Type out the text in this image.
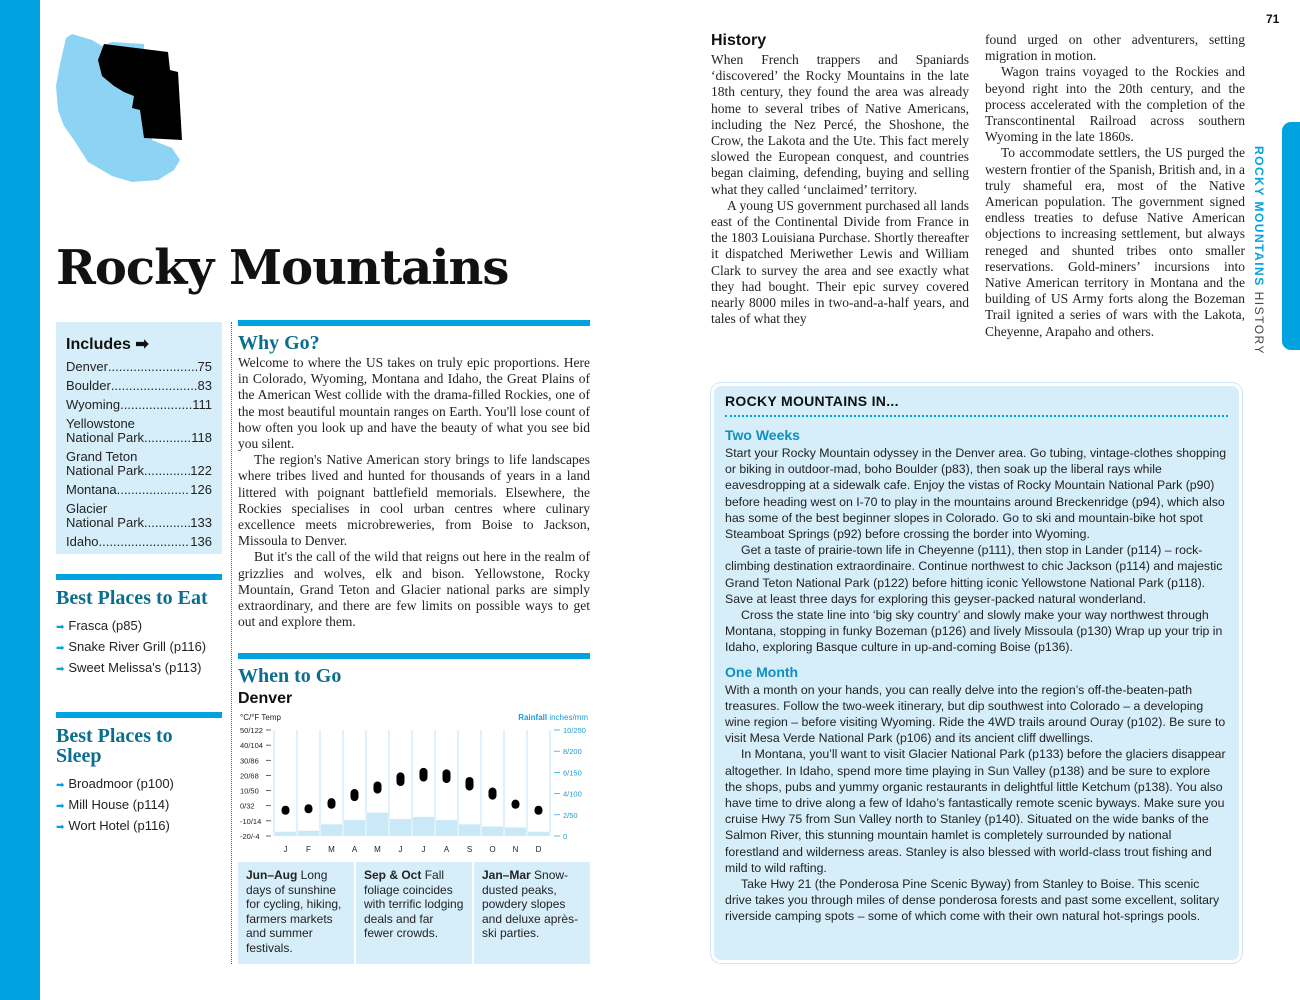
Rocky Mountains
Includes ➡
Denver .....	75
Boulder .....	83
Wyoming .....	111
Yellowstone
National Park .....	118
Grand Teton
National Park .....	122
Montana. .....	126
Glacier
National Park .....	133
Idaho .....	136
Best Places to Eat
➡ Frasca (p85)
➡ Snake River Grill (p116)
➡ Sweet Melissa's (p113)
Best Places to Sleep
➡ Broadmoor (p100)
➡ Mill House (p114)
➡ Wort Hotel (p116)
Why Go?

Welcome to where the US takes on truly epic proportions. Here in Colorado, Wyoming, Montana and Idaho, the Great Plains of the American West collide with the drama-filled Rockies, one of the most beautiful mountain ranges on Earth. You'll lose count of how often you look up and have the beauty of what you see bid you silent.

The region's Native American story brings to life landscapes where tribes lived and hunted for thousands of years in a land littered with poignant battlefield memorials. Elsewhere, the Rockies specialises in cool urban centres where culinary excellence meets microbreweries, from Boise to Jackson, Missoula to Denver.

But it's the call of the wild that reigns out here in the realm of grizzlies and wolves, elk and bison. Yellowstone, Rocky Mountain, Grand Teton and Glacier national parks are simply extraordinary, and there are few limits on possible ways to get out and explore them.

When to Go
Denver
°C/°F Temp	Rainfall inches/mm
50/122
40/104
30/86
20/68
10/50
0/32
-10/14
-20/-4
10/250
8/200
6/150
4/100
2/50
0
J F M A M J J A S O N D
Jun–Aug Long days of sunshine for cycling, hiking, farmers markets and summer festivals.
Sep & Oct Fall foliage coincides with terrific lodging deals and far fewer crowds.
Jan–Mar Snow-dusted peaks, powdery slopes and deluxe après-ski parties.
History

When French trappers and Spaniards ‘discovered’ the Rocky Mountains in the late 18th century, they found the area was already home to several tribes of Native Americans, including the Nez Percé, the Shoshone, the Crow, the Lakota and the Ute. This fact merely slowed the European conquest, and countries began claiming, defending, buying and selling what they called ‘unclaimed’ territory.

A young US government purchased all lands east of the Continental Divide from France in the 1803 Louisiana Purchase. Shortly thereafter it dispatched Meriwether Lewis and William Clark to survey the area and see exactly what they had bought. Their epic survey covered nearly 8000 miles in two-and-a-half years, and tales of what they

found urged on other adventurers, setting migration in motion.

Wagon trains voyaged to the Rockies and beyond right into the 20th century, and the process accelerated with the completion of the Transcontinental Railroad across southern Wyoming in the late 1860s.

To accommodate settlers, the US purged the western frontier of the Spanish, British and, in a truly shameful era, most of the Native American population. The government signed endless treaties to defuse Native American objections to increasing settlement, but always reneged and shunted tribes onto smaller reservations. Gold-miners’ incursions into Native American territory in Montana and the building of US Army forts along the Bozeman Trail ignited a series of wars with the Lakota, Cheyenne, Arapaho and others.

71
ROCKY MOUNTAINS HISTORY
ROCKY MOUNTAINS IN...
Two Weeks

Start your Rocky Mountain odyssey in the Denver area. Go tubing, vintage-clothes shopping or biking in outdoor-mad, boho Boulder (p83), then soak up the liberal rays while eavesdropping at a sidewalk cafe. Enjoy the vistas of Rocky Mountain National Park (p90) before heading west on I-70 to play in the mountains around Breckenridge (p94), which also has some of the best beginner slopes in Colorado. Go to ski and mountain-bike hot spot Steamboat Springs (p92) before crossing the border into Wyoming.

Get a taste of prairie-town life in Cheyenne (p111), then stop in Lander (p114) – rock-climbing destination extraordinaire. Continue northwest to chic Jackson (p114) and majestic Grand Teton National Park (p122) before hitting iconic Yellowstone National Park (p118). Save at least three days for exploring this geyser-packed natural wonderland.

Cross the state line into ‘big sky country’ and slowly make your way northwest through Montana, stopping in funky Bozeman (p126) and lively Missoula (p130) Wrap up your trip in Idaho, exploring Basque culture in up-and-coming Boise (p136).

One Month

With a month on your hands, you can really delve into the region’s off-the-beaten-path treasures. Follow the two-week itinerary, but dip southwest into Colorado – a developing wine region – before visiting Wyoming. Ride the 4WD trails around Ouray (p102). Be sure to visit Mesa Verde National Park (p106) and its ancient cliff dwellings.

In Montana, you’ll want to visit Glacier National Park (p133) before the glaciers disappear altogether. In Idaho, spend more time playing in Sun Valley (p138) and be sure to explore the shops, pubs and yummy organic restaurants in delightful little Ketchum (p138). You also have time to drive along a few of Idaho’s fantastically remote scenic byways. Make sure you cruise Hwy 75 from Sun Valley north to Stanley (p140). Situated on the wide banks of the Salmon River, this stunning mountain hamlet is completely surrounded by national forestland and wilderness areas. Stanley is also blessed with world-class trout fishing and mild to wild rafting.

Take Hwy 21 (the Ponderosa Pine Scenic Byway) from Stanley to Boise. This scenic drive takes you through miles of dense ponderosa forests and past some excellent, solitary riverside camping spots – some of which come with their own natural hot-springs pools.
